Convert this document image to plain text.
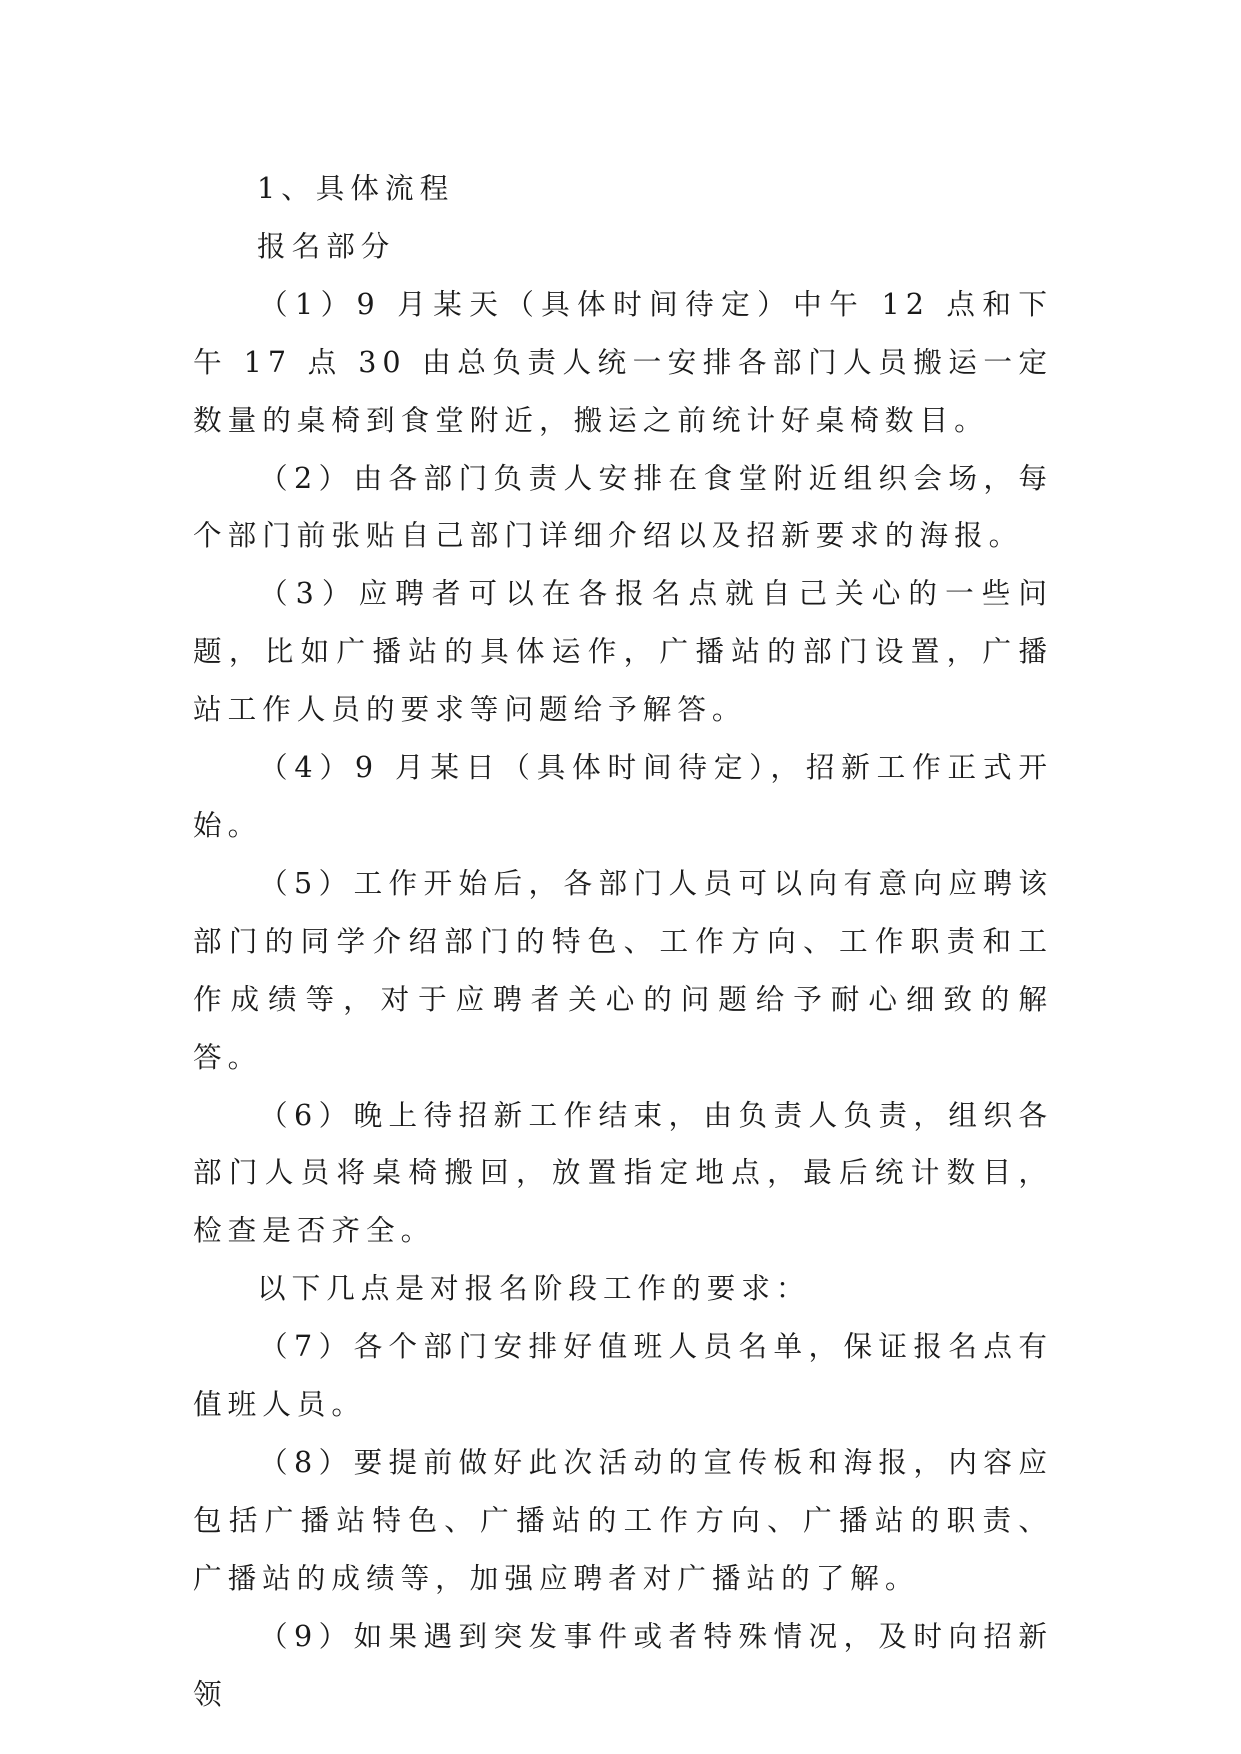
1、具体流程

报名部分

（1）9 月某天（具体时间待定）中午 12 点和下午 17 点 30 由总负责人统一安排各部门人员搬运一定数量的桌椅到食堂附近，搬运之前统计好桌椅数目。

（2）由各部门负责人安排在食堂附近组织会场，每个部门前张贴自己部门详细介绍以及招新要求的海报。

（3）应聘者可以在各报名点就自己关心的一些问题，比如广播站的具体运作，广播站的部门设置，广播站工作人员的要求等问题给予解答。

（4）9 月某日（具体时间待定），招新工作正式开始。

（5）工作开始后，各部门人员可以向有意向应聘该部门的同学介绍部门的特色、工作方向、工作职责和工作成绩等，对于应聘者关心的问题给予耐心细致的解答。

（6）晚上待招新工作结束，由负责人负责，组织各部门人员将桌椅搬回，放置指定地点，最后统计数目，检查是否齐全。

以下几点是对报名阶段工作的要求：

（7）各个部门安排好值班人员名单，保证报名点有值班人员。

（8）要提前做好此次活动的宣传板和海报，内容应包括广播站特色、广播站的工作方向、广播站的职责、广播站的成绩等，加强应聘者对广播站的了解。

（9）如果遇到突发事件或者特殊情况，及时向招新领
